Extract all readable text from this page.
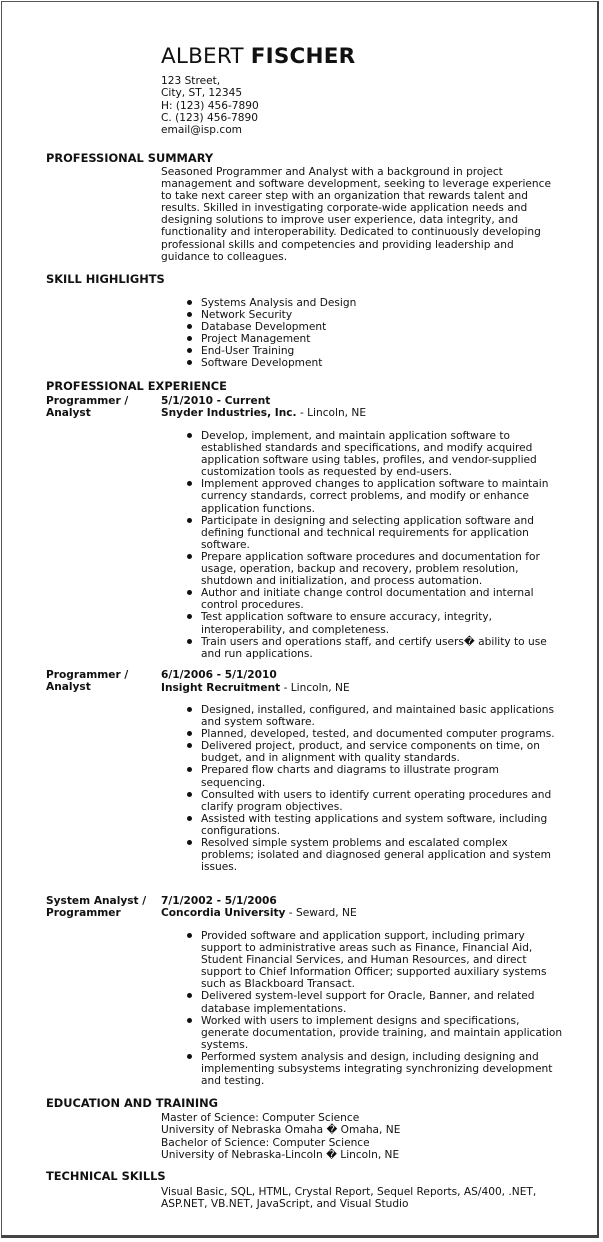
ALBERT FISCHER
123 Street,
City, ST, 12345
H: (123) 456-7890
C. (123) 456-7890
email@isp.com
PROFESSIONAL SUMMARY
Seasoned Programmer and Analyst with a background in project management and software development, seeking to leverage experience to take next career step with an organization that rewards talent and results. Skilled in investigating corporate-wide application needs and designing solutions to improve user experience, data integrity, and functionality and interoperability. Dedicated to continuously developing professional skills and competencies and providing leadership and guidance to colleagues.
SKILL HIGHLIGHTS
Systems Analysis and Design
Network Security
Database Development
Project Management
End-User Training
Software Development
PROFESSIONAL EXPERIENCE
Programmer / Analyst
5/1/2010 - Current
Snyder Industries, Inc. - Lincoln, NE
Develop, implement, and maintain application software to established standards and specifications, and modify acquired application software using tables, profiles, and vendor-supplied customization tools as requested by end-users.
Implement approved changes to application software to maintain currency standards, correct problems, and modify or enhance application functions.
Participate in designing and selecting application software and defining functional and technical requirements for application software.
Prepare application software procedures and documentation for usage, operation, backup and recovery, problem resolution, shutdown and initialization, and process automation.
Author and initiate change control documentation and internal control procedures.
Test application software to ensure accuracy, integrity, interoperability, and completeness.
Train users and operations staff, and certify users� ability to use and run applications.
Programmer / Analyst
6/1/2006 - 5/1/2010
Insight Recruitment - Lincoln, NE
Designed, installed, configured, and maintained basic applications and system software.
Planned, developed, tested, and documented computer programs.
Delivered project, product, and service components on time, on budget, and in alignment with quality standards.
Prepared flow charts and diagrams to illustrate program sequencing.
Consulted with users to identify current operating procedures and clarify program objectives.
Assisted with testing applications and system software, including configurations.
Resolved simple system problems and escalated complex problems; isolated and diagnosed general application and system issues.
System Analyst / Programmer
7/1/2002 - 5/1/2006
Concordia University - Seward, NE
Provided software and application support, including primary support to administrative areas such as Finance, Financial Aid, Student Financial Services, and Human Resources, and direct support to Chief Information Officer; supported auxiliary systems such as Blackboard Transact.
Delivered system-level support for Oracle, Banner, and related database implementations.
Worked with users to implement designs and specifications, generate documentation, provide training, and maintain application systems.
Performed system analysis and design, including designing and implementing subsystems integrating synchronizing development and testing.
EDUCATION AND TRAINING
Master of Science: Computer Science
University of Nebraska Omaha � Omaha, NE
Bachelor of Science: Computer Science
University of Nebraska-Lincoln � Lincoln, NE
TECHNICAL SKILLS
Visual Basic, SQL, HTML, Crystal Report, Sequel Reports, AS/400, .NET, ASP.NET, VB.NET, JavaScript, and Visual Studio
